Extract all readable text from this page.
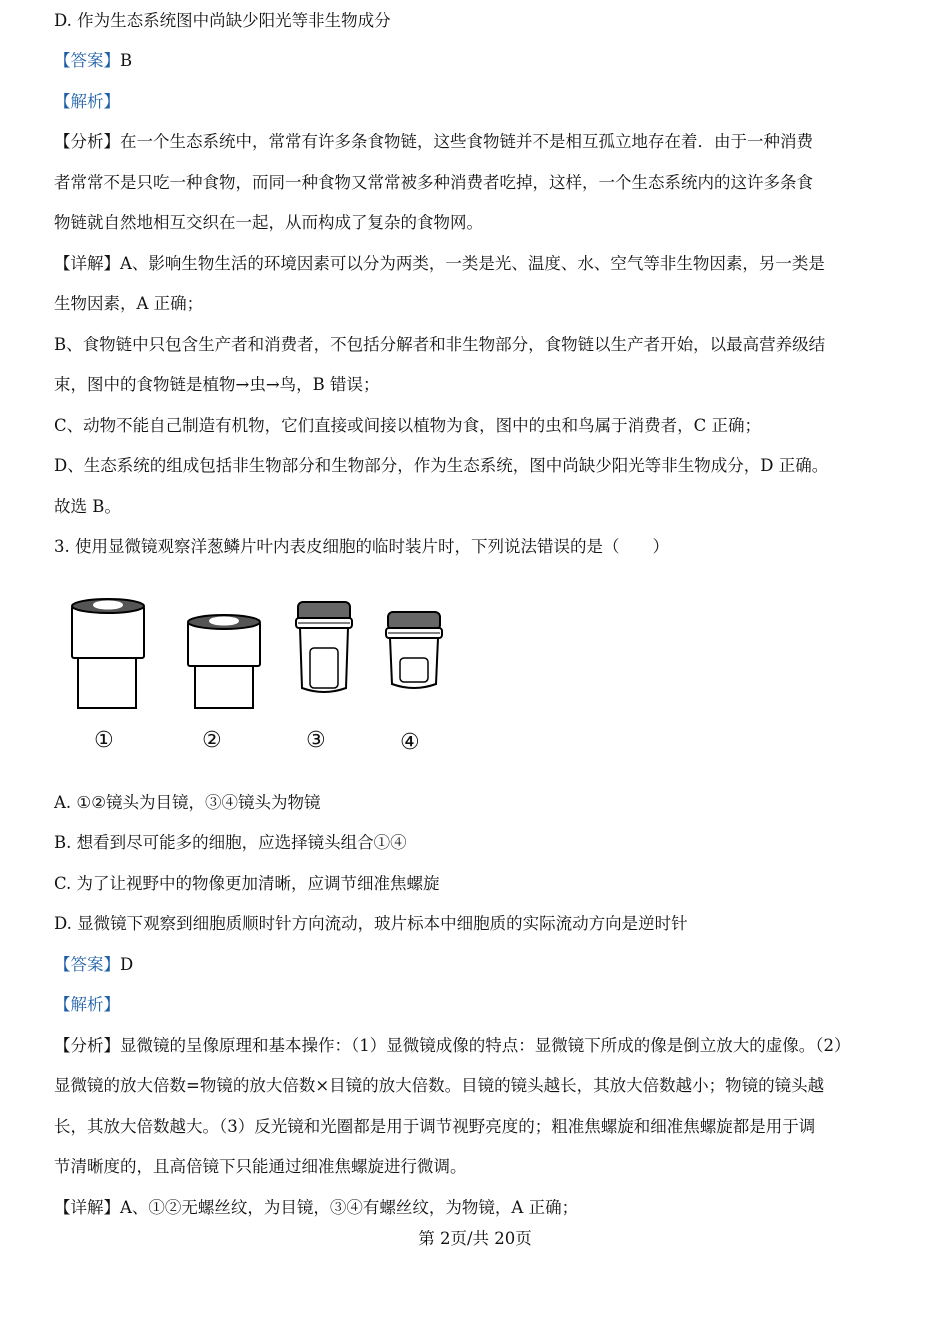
D. 作为生态系统图中尚缺少阳光等非生物成分
【答案】B
【解析】
【分析】在一个生态系统中，常常有许多条食物链，这些食物链并不是相互孤立地存在着．由于一种消费
者常常不是只吃一种食物，而同一种食物又常常被多种消费者吃掉，这样，一个生态系统内的这许多条食
物链就自然地相互交织在一起，从而构成了复杂的食物网。
【详解】A、影响生物生活的环境因素可以分为两类，一类是光、温度、水、空气等非生物因素，另一类是
生物因素，A 正确；
B、食物链中只包含生产者和消费者，不包括分解者和非生物部分，食物链以生产者开始，以最高营养级结
束，图中的食物链是植物→虫→鸟，B 错误；
C、动物不能自己制造有机物，它们直接或间接以植物为食，图中的虫和鸟属于消费者，C 正确；
D、生态系统的组成包括非生物部分和生物部分，作为生态系统，图中尚缺少阳光等非生物成分，D 正确。
故选 B。
3. 使用显微镜观察洋葱鳞片叶内表皮细胞的临时装片时，下列说法错误的是（　　）
①	②	③	④
A. ①②镜头为目镜，③④镜头为物镜
B. 想看到尽可能多的细胞，应选择镜头组合①④
C. 为了让视野中的物像更加清晰，应调节细准焦螺旋
D. 显微镜下观察到细胞质顺时针方向流动，玻片标本中细胞质的实际流动方向是逆时针
【答案】D
【解析】
【分析】显微镜的呈像原理和基本操作：（1）显微镜成像的特点：显微镜下所成的像是倒立放大的虚像。（2）
显微镜的放大倍数=物镜的放大倍数×目镜的放大倍数。目镜的镜头越长，其放大倍数越小；物镜的镜头越
长，其放大倍数越大。（3）反光镜和光圈都是用于调节视野亮度的；粗准焦螺旋和细准焦螺旋都是用于调
节清晰度的，且高倍镜下只能通过细准焦螺旋进行微调。
【详解】A、①②无螺丝纹，为目镜，③④有螺丝纹，为物镜，A 正确；
第 2页/共 20页
